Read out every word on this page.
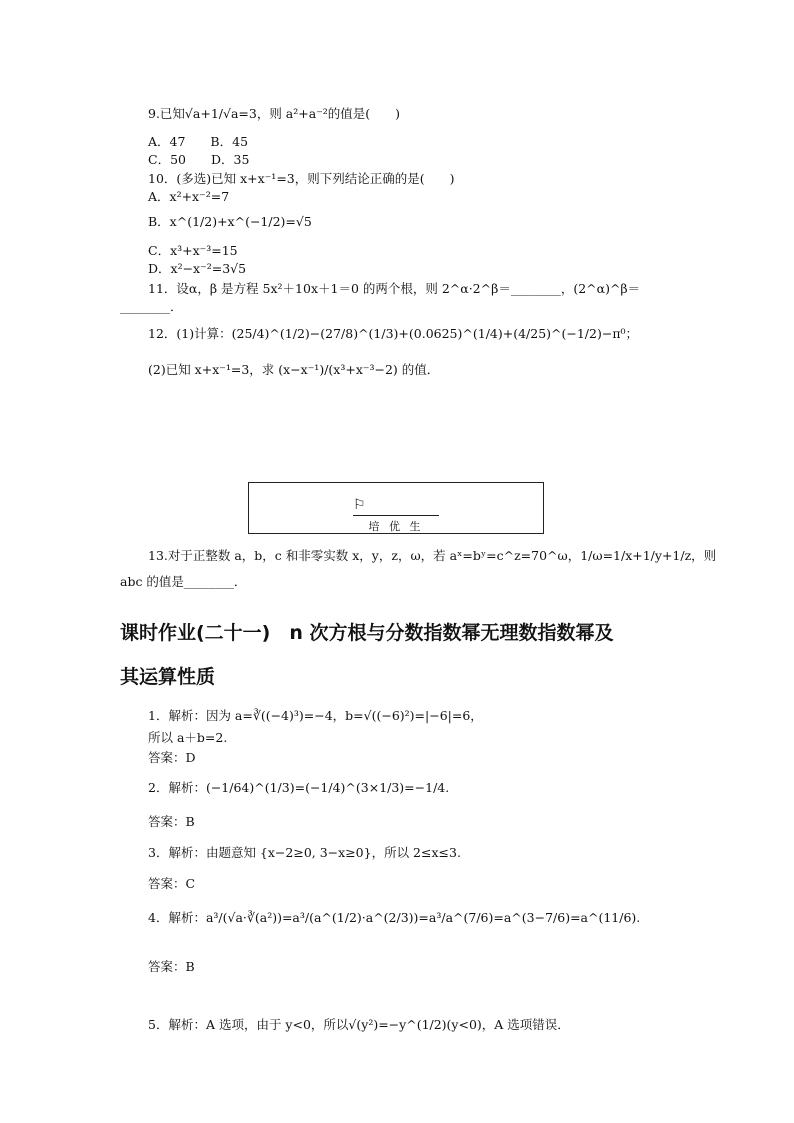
9.已知√a+1/√a=3，则 a²+a⁻²的值是(　　)
A．47　　B．45
C．50　　D．35
10．(多选)已知 x+x⁻¹=3，则下列结论正确的是(　　)
A．x²+x⁻²=7
B．x^(1/2)+x^(−1/2)=√5
C．x³+x⁻³=15
D．x²−x⁻²=3√5
11．设α，β 是方程 5x²＋10x＋1＝0 的两个根，则 2^α·2^β＝________，(2^α)^β＝
________．
12．(1)计算：(25/4)^(1/2)−(27/8)^(1/3)+(0.0625)^(1/4)+(4/25)^(−1/2)−π⁰；
(2)已知 x+x⁻¹=3，求 (x−x⁻¹)/(x³+x⁻³−2) 的值．
⚐
培 优 生
13.对于正整数 a，b，c 和非零实数 x，y，z，ω，若 aˣ=bʸ=c^z=70^ω，1/ω=1/x+1/y+1/z，则
abc 的值是________．
课时作业(二十一)　n 次方根与分数指数幂无理数指数幂及
其运算性质
1．解析：因为 a=∛((−4)³)=−4，b=√((−6)²)=|−6|=6，
所以 a＋b=2.
答案：D
2．解析：(−1/64)^(1/3)=(−1/4)^(3×1/3)=−1/4.
答案：B
3．解析：由题意知 {x−2≥0, 3−x≥0}，所以 2≤x≤3.
答案：C
4．解析：a³/(√a·∛(a²))=a³/(a^(1/2)·a^(2/3))=a³/a^(7/6)=a^(3−7/6)=a^(11/6).
答案：B
5．解析：A 选项，由于 y<0，所以√(y²)=−y^(1/2)(y<0)，A 选项错误．
